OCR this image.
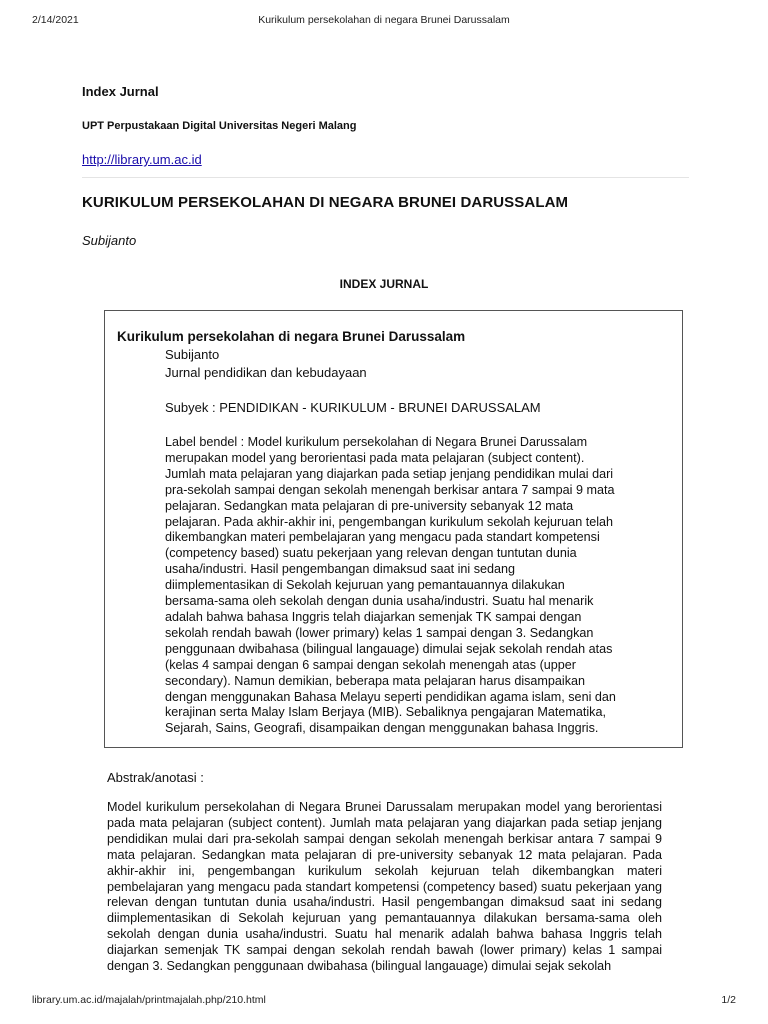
2/14/2021	Kurikulum persekolahan di negara Brunei Darussalam
Index Jurnal
UPT Perpustakaan Digital Universitas Negeri Malang
http://library.um.ac.id
KURIKULUM PERSEKOLAHAN DI NEGARA BRUNEI DARUSSALAM
Subijanto
INDEX JURNAL
Kurikulum persekolahan di negara Brunei Darussalam
Subijanto
Jurnal pendidikan dan kebudayaan
Subyek : PENDIDIKAN - KURIKULUM - BRUNEI DARUSSALAM
Label bendel : Model kurikulum persekolahan di Negara Brunei Darussalam
merupakan model yang berorientasi pada mata pelajaran (subject content).
Jumlah mata pelajaran yang diajarkan pada setiap jenjang pendidikan mulai dari
pra-sekolah sampai dengan sekolah menengah berkisar antara 7 sampai 9 mata
pelajaran. Sedangkan mata pelajaran di pre-university sebanyak 12 mata
pelajaran. Pada akhir-akhir ini, pengembangan kurikulum sekolah kejuruan telah
dikembangkan materi pembelajaran yang mengacu pada standart kompetensi
(competency based) suatu pekerjaan yang relevan dengan tuntutan dunia
usaha/industri. Hasil pengembangan dimaksud saat ini sedang
diimplementasikan di Sekolah kejuruan yang pemantauannya dilakukan
bersama-sama oleh sekolah dengan dunia usaha/industri. Suatu hal menarik
adalah bahwa bahasa Inggris telah diajarkan semenjak TK sampai dengan
sekolah rendah bawah (lower primary) kelas 1 sampai dengan 3. Sedangkan
penggunaan dwibahasa (bilingual langauage) dimulai sejak sekolah rendah atas
(kelas 4 sampai dengan 6 sampai dengan sekolah menengah atas (upper
secondary). Namun demikian, beberapa mata pelajaran harus disampaikan
dengan menggunakan Bahasa Melayu seperti pendidikan agama islam, seni dan
kerajinan serta Malay Islam Berjaya (MIB). Sebaliknya pengajaran Matematika,
Sejarah, Sains, Geografi, disampaikan dengan menggunakan bahasa Inggris.
Abstrak/anotasi :
Model kurikulum persekolahan di Negara Brunei Darussalam merupakan model yang berorientasi pada mata pelajaran (subject content). Jumlah mata pelajaran yang diajarkan pada setiap jenjang pendidikan mulai dari pra-sekolah sampai dengan sekolah menengah berkisar antara 7 sampai 9 mata pelajaran. Sedangkan mata pelajaran di pre-university sebanyak 12 mata pelajaran. Pada akhir-akhir ini, pengembangan kurikulum sekolah kejuruan telah dikembangkan materi pembelajaran yang mengacu pada standart kompetensi (competency based) suatu pekerjaan yang relevan dengan tuntutan dunia usaha/industri. Hasil pengembangan dimaksud saat ini sedang diimplementasikan di Sekolah kejuruan yang pemantauannya dilakukan bersama-sama oleh sekolah dengan dunia usaha/industri. Suatu hal menarik adalah bahwa bahasa Inggris telah diajarkan semenjak TK sampai dengan sekolah rendah bawah (lower primary) kelas 1 sampai dengan 3. Sedangkan penggunaan dwibahasa (bilingual langauage) dimulai sejak sekolah
library.um.ac.id/majalah/printmajalah.php/210.html	1/2
